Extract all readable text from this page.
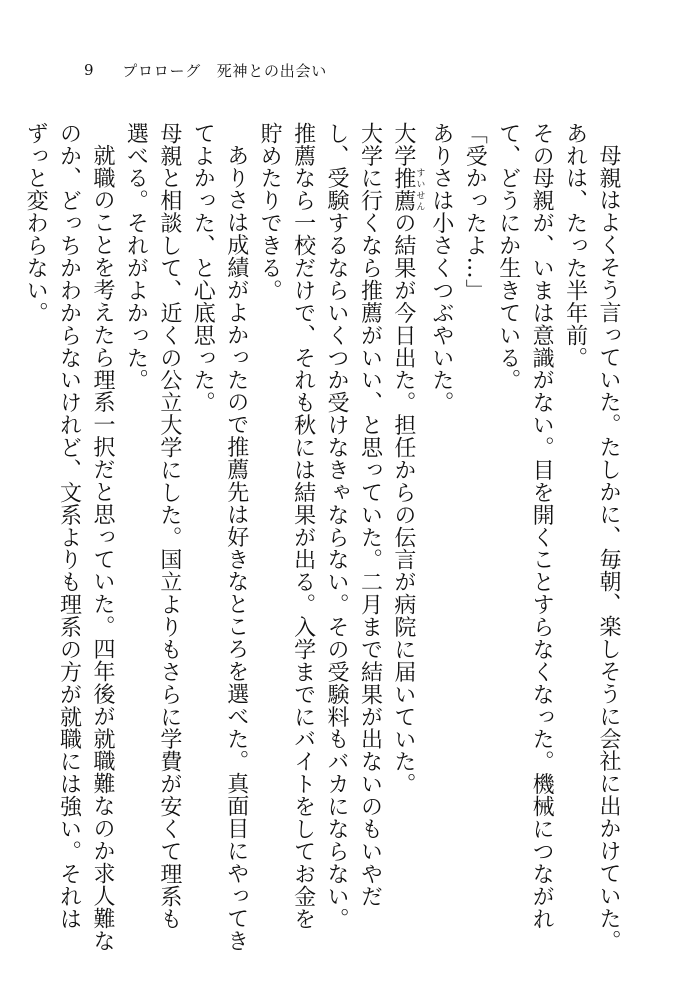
9 プロローグ　死神との出会い

母親はよくそう言っていた。たしかに、毎朝、楽しそうに会社に出かけていた。

あれは、たった半年前。

その母親が、いまは意識がない。目を開くことすらなくなった。機械につながれて、どうにか生きている。

「受かったよ…」

ありさは小さくつぶやいた。

大学推薦すいせんの結果が今日出た。担任からの伝言が病院に届いていた。

大学に行くなら推薦がいい、と思っていた。二月まで結果が出ないのもいやだし、受験するならいくつか受けなきゃならない。その受験料もバカにならない。推薦なら一校だけで、それも秋には結果が出る。入学までにバイトをしてお金を貯めたりできる。

ありさは成績がよかったので推薦先は好きなところを選べた。真面目にやってきてよかった、と心底思った。

母親と相談して、近くの公立大学にした。国立よりもさらに学費が安くて理系も選べる。それがよかった。

就職のことを考えたら理系一択だと思っていた。四年後が就職難なのか求人難なのか、どっちかわからないけれど、文系よりも理系の方が就職には強い。それはずっと変わらない。
